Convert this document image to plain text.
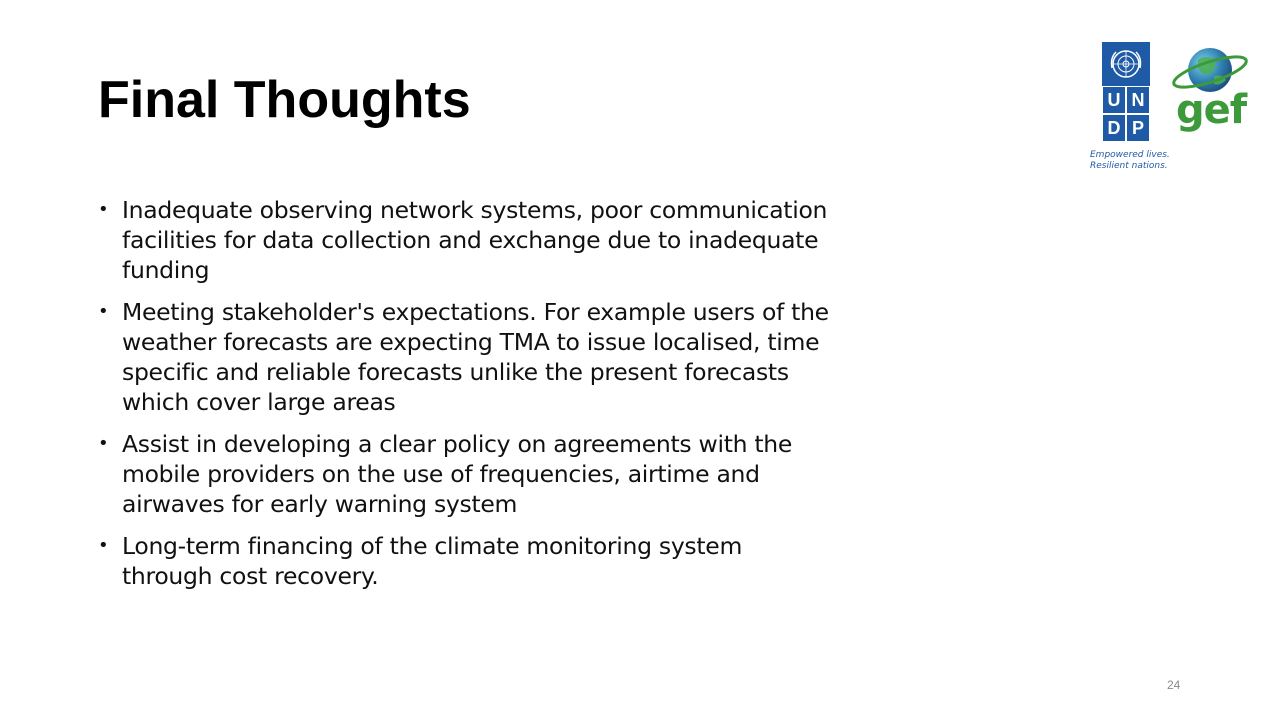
Final Thoughts
• Inadequate observing network systems, poor communication facilities for data collection and exchange due to inadequate funding
• Meeting stakeholder's expectations. For example users of the weather forecasts are expecting TMA to issue localised, time specific and reliable forecasts unlike the present forecasts which cover large areas
• Assist in developing a clear policy on agreements with the mobile providers on the use of frequencies, airtime and airwaves for early warning system
• Long-term financing of the climate monitoring system through cost recovery.
U N
D P gef
Empowered lives.
Resilient nations.
24
